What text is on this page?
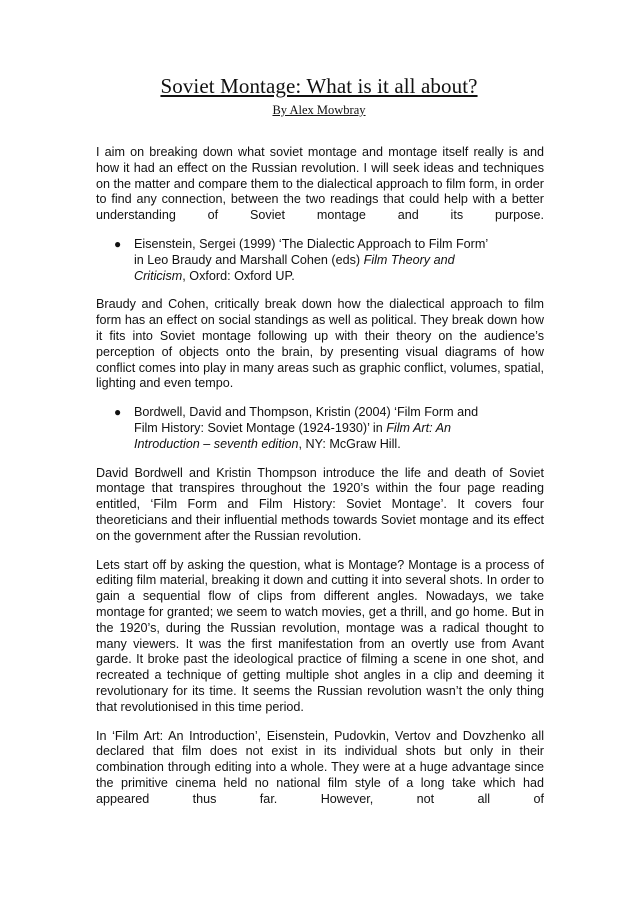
Soviet Montage: What is it all about?
By Alex Mowbray

I aim on breaking down what soviet montage and montage itself really is and how it had an effect on the Russian revolution. I will seek ideas and techniques on the matter and compare them to the dialectical approach to film form, in order to find any connection, between the two readings that could help with a better understanding of Soviet montage and its purpose.

● Eisenstein, Sergei (1999) ‘The Dialectic Approach to Film Form’ in Leo Braudy and Marshall Cohen (eds) Film Theory and Criticism, Oxford: Oxford UP.

Braudy and Cohen, critically break down how the dialectical approach to film form has an effect on social standings as well as political. They break down how it fits into Soviet montage following up with their theory on the audience’s perception of objects onto the brain, by presenting visual diagrams of how conflict comes into play in many areas such as graphic conflict, volumes, spatial, lighting and even tempo.

● Bordwell, David and Thompson, Kristin (2004) ‘Film Form and Film History: Soviet Montage (1924-1930)’ in Film Art: An Introduction – seventh edition, NY: McGraw Hill.

David Bordwell and Kristin Thompson introduce the life and death of Soviet montage that transpires throughout the 1920’s within the four page reading entitled, ‘Film Form and Film History: Soviet Montage’. It covers four theoreticians and their influential methods towards Soviet montage and its effect on the government after the Russian revolution.

Lets start off by asking the question, what is Montage? Montage is a process of editing film material, breaking it down and cutting it into several shots. In order to gain a sequential flow of clips from different angles. Nowadays, we take montage for granted; we seem to watch movies, get a thrill, and go home. But in the 1920’s, during the Russian revolution, montage was a radical thought to many viewers. It was the first manifestation from an overtly use from Avant garde. It broke past the ideological practice of filming a scene in one shot, and recreated a technique of getting multiple shot angles in a clip and deeming it revolutionary for its time. It seems the Russian revolution wasn’t the only thing that revolutionised in this time period.

In ‘Film Art: An Introduction’, Eisenstein, Pudovkin, Vertov and Dovzhenko all declared that film does not exist in its individual shots but only in their combination through editing into a whole. They were at a huge advantage since the primitive cinema held no national film style of a long take which had appeared thus far. However, not all of
